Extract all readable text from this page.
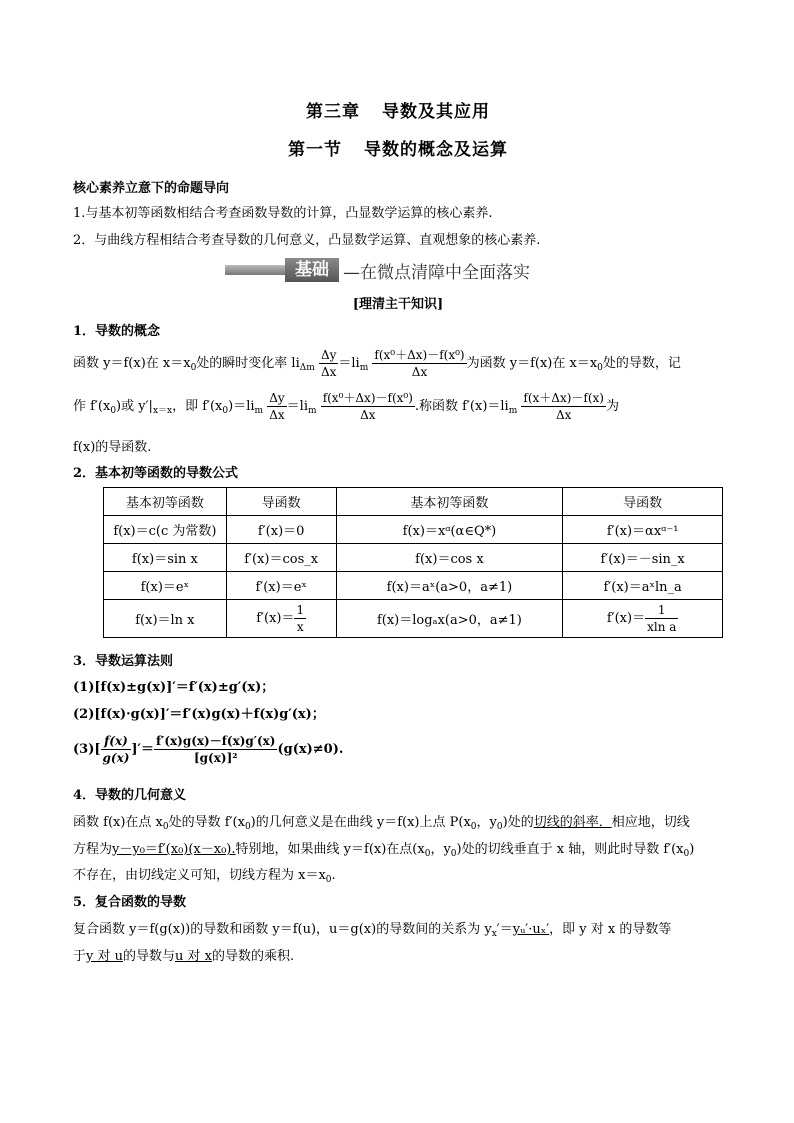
第三章 导数及其应用
第一节 导数的概念及运算
核心素养立意下的命题导向
1.与基本初等函数相结合考查函数导数的计算，凸显数学运算的核心素养.
2．与曲线方程相结合考查导数的几何意义，凸显数学运算、直观想象的核心素养.
基础 —在微点清障中全面落实
[理清主干知识]
1．导数的概念
函数 y＝f(x)在 $x=x_0$处的瞬时变化率 $li_{\Delta m} \frac{\Delta y}{\Delta x} =li_m \frac{\text{f(x⁰＋Δx)－f(x⁰)}}{\Delta x}$ 为函数 y＝f(x)在 $x=x_0$处的导数，记
作 $f'(x_0)$或 $y'|_{x=x}$，即 $f'(x_0)=li_m \frac{\Delta y}{\Delta x} =li_m \frac{\text{f(x⁰＋Δx)－f(x⁰)}}{\Delta x}$ .称函数 $f'(x)=li_m \frac{f(x+\Delta x)-f(x)}{\Delta x}$ 为
f(x)的导函数.
2．基本初等函数的导数公式
基本初等函数	导函数	基本初等函数	导函数
f(x)＝c(c 为常数)	f′(x)＝0	f(x)＝xᵅ(α∈Q*)	f′(x)＝αxᵅ⁻¹
f(x)＝sin x	f′(x)＝cos_x	f(x)＝cos x	f′(x)＝－sin_x
f(x)＝eˣ	f′(x)＝eˣ	f(x)＝aˣ(a>0，a≠1)	f′(x)＝aˣln_a
f(x)＝ln x	$f'(x)= \frac{1}{x}$	f(x)＝logₐx(a>0，a≠1)	$f'(x)= \frac{1}{\text{xln a}}$
3．导数运算法则
(1)[f(x)±g(x)]′＝f′(x)±g′(x)；
(2)[f(x)·g(x)]′＝f′(x)g(x)＋f(x)g′(x)；
$(3)[ \frac{f(x)}{g(x)}$ ]′＝ $\frac{f'(x)g(x)-f(x)g'(x)}{\text{[g(x)]²}} (g(x)\ne 0)$.
4．导数的几何意义
函数 f(x)在点 $x_0$处的导数 $f'(x_0)$的几何意义是在曲线 y＝f(x)上点 $P(x_0$，$y_0$)处的切线的斜率．相应地，切线
方程为y－y₀＝f′(x₀)(x－x₀).特别地，如果曲线 y＝f(x)在点($x_0$，$y_0$)处的切线垂直于 x 轴，则此时导数 $f'(x_0)$
不存在，由切线定义可知，切线方程为 $x=x_0$.
5．复合函数的导数
复合函数 y＝f(g(x))的导数和函数 y＝f(u)，u＝g(x)的导数间的关系为 $y_x'=yᵤ'\cdot u_x'$，即 y 对 x 的导数等
于y 对 u的导数与u 对 x的导数的乘积.
